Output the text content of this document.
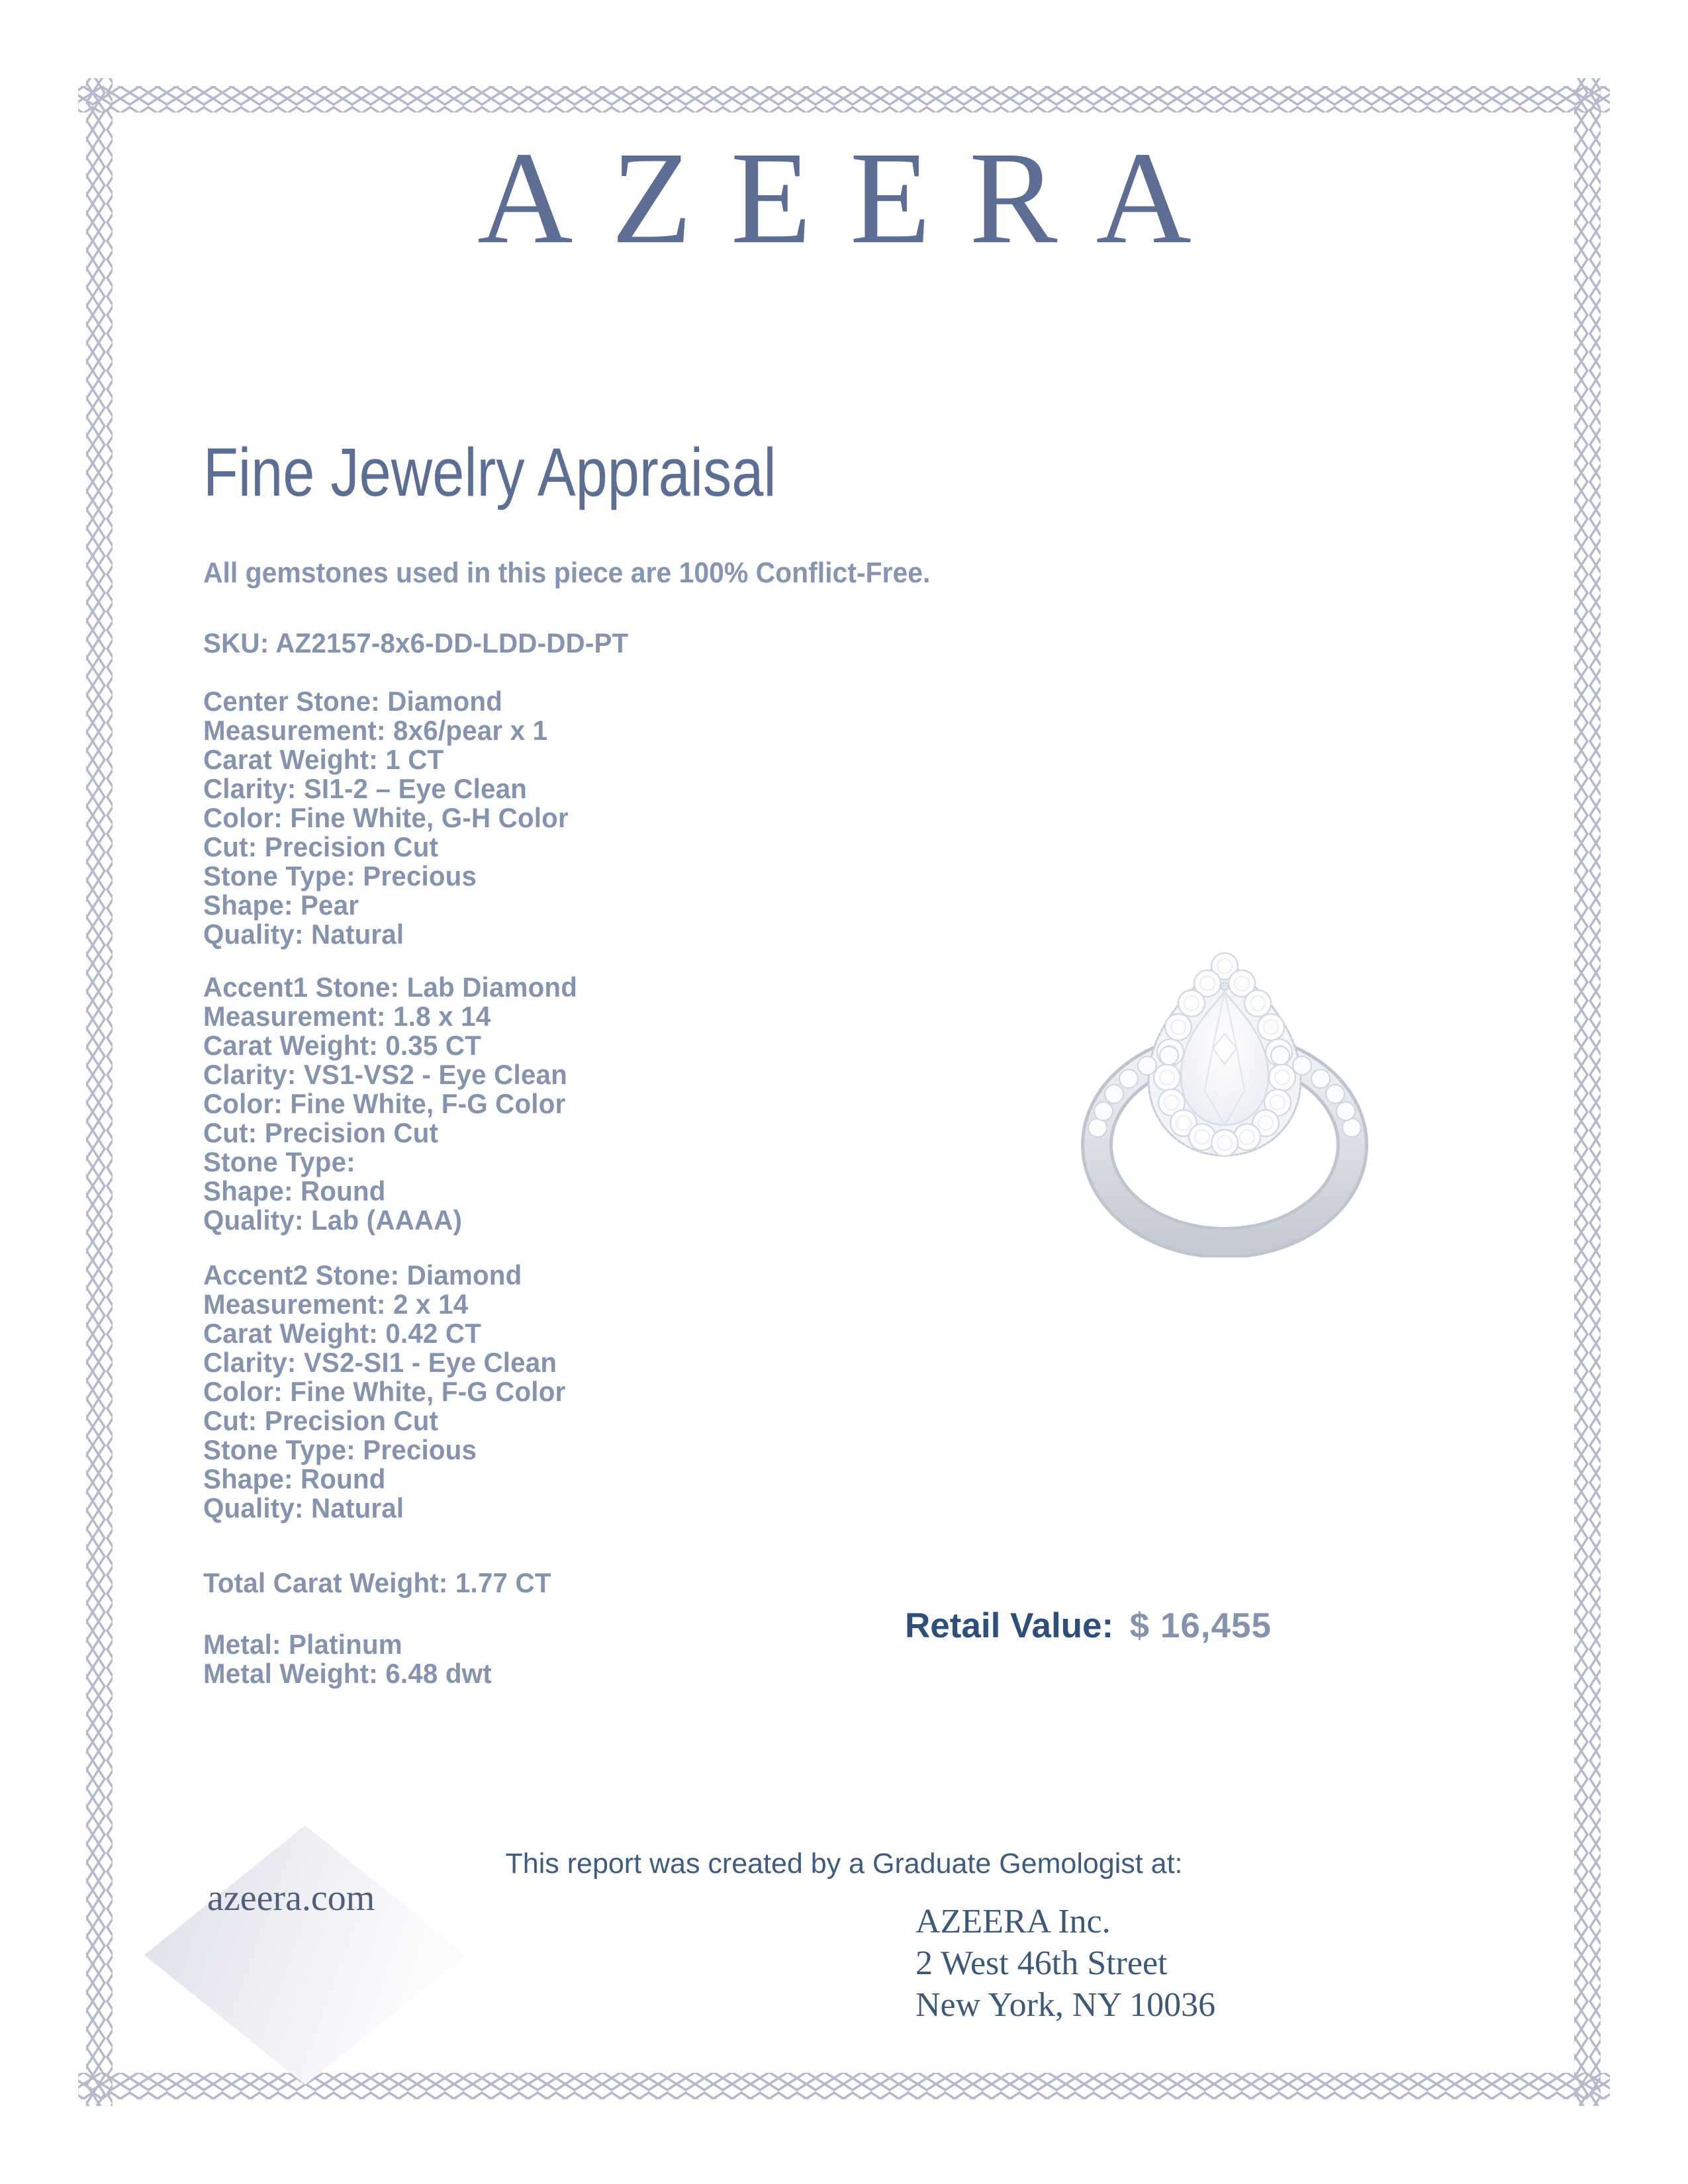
AZEERA
Fine Jewelry Appraisal
All gemstones used in this piece are 100% Conflict-Free.
SKU: AZ2157-8x6-DD-LDD-DD-PT
Center Stone: Diamond
Measurement: 8x6/pear x 1
Carat Weight: 1 CT
Clarity: SI1-2 – Eye Clean
Color: Fine White, G-H Color
Cut: Precision Cut
Stone Type: Precious
Shape: Pear
Quality: Natural
Accent1 Stone: Lab Diamond
Measurement: 1.8 x 14
Carat Weight: 0.35 CT
Clarity: VS1-VS2 - Eye Clean
Color: Fine White, F-G Color
Cut: Precision Cut
Stone Type:
Shape: Round
Quality: Lab (AAAA)
Accent2 Stone: Diamond
Measurement: 2 x 14
Carat Weight: 0.42 CT
Clarity: VS2-SI1 - Eye Clean
Color: Fine White, F-G Color
Cut: Precision Cut
Stone Type: Precious
Shape: Round
Quality: Natural
Total Carat Weight: 1.77 CT
Metal: Platinum
Metal Weight: 6.48 dwt
Retail Value: $ 16,455
This report was created by a Graduate Gemologist at:
azeera.com
AZEERA Inc.
2 West 46th Street
New York, NY 10036
